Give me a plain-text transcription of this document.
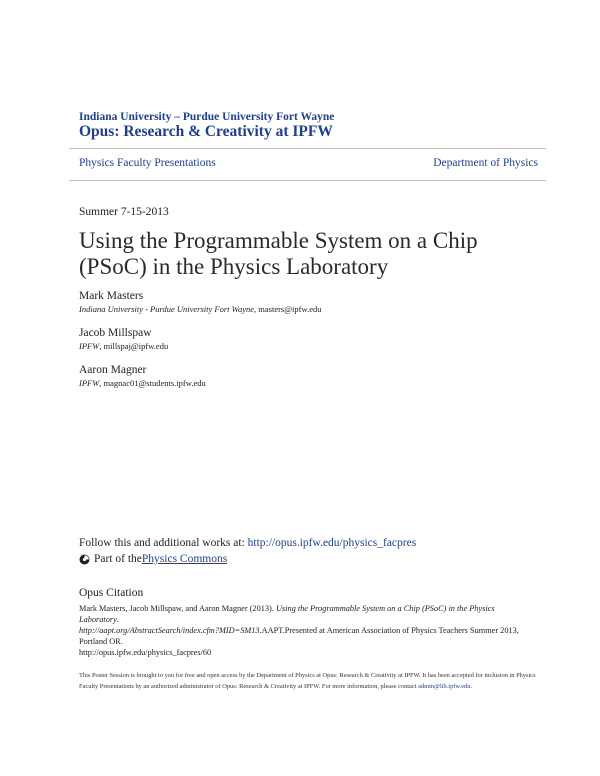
Indiana University – Purdue University Fort Wayne
Opus: Research & Creativity at IPFW
Physics Faculty Presentations	Department of Physics
Summer 7-15-2013
Using the Programmable System on a Chip (PSoC) in the Physics Laboratory
Mark Masters
Indiana University - Purdue University Fort Wayne, masters@ipfw.edu
Jacob Millspaw
IPFW, millspaj@ipfw.edu
Aaron Magner
IPFW, magnac01@students.ipfw.edu
Follow this and additional works at: http://opus.ipfw.edu/physics_facpres
Part of the Physics Commons
Opus Citation
Mark Masters, Jacob Millspaw, and Aaron Magner (2013). Using the Programmable System on a Chip (PSoC) in the Physics Laboratory.
http://aapt.org/AbstractSearch/index.cfm?MID=SM13.AAPT.Presented at American Association of Physics Teachers Summer 2013, Portland OR.
http://opus.ipfw.edu/physics_facpres/60
This Poster Session is brought to you for free and open access by the Department of Physics at Opus: Research & Creativity at IPFW. It has been accepted for inclusion in Physics Faculty Presentations by an authorized administrator of Opus: Research & Creativity at IPFW. For more information, please contact admin@lib.ipfw.edu.
